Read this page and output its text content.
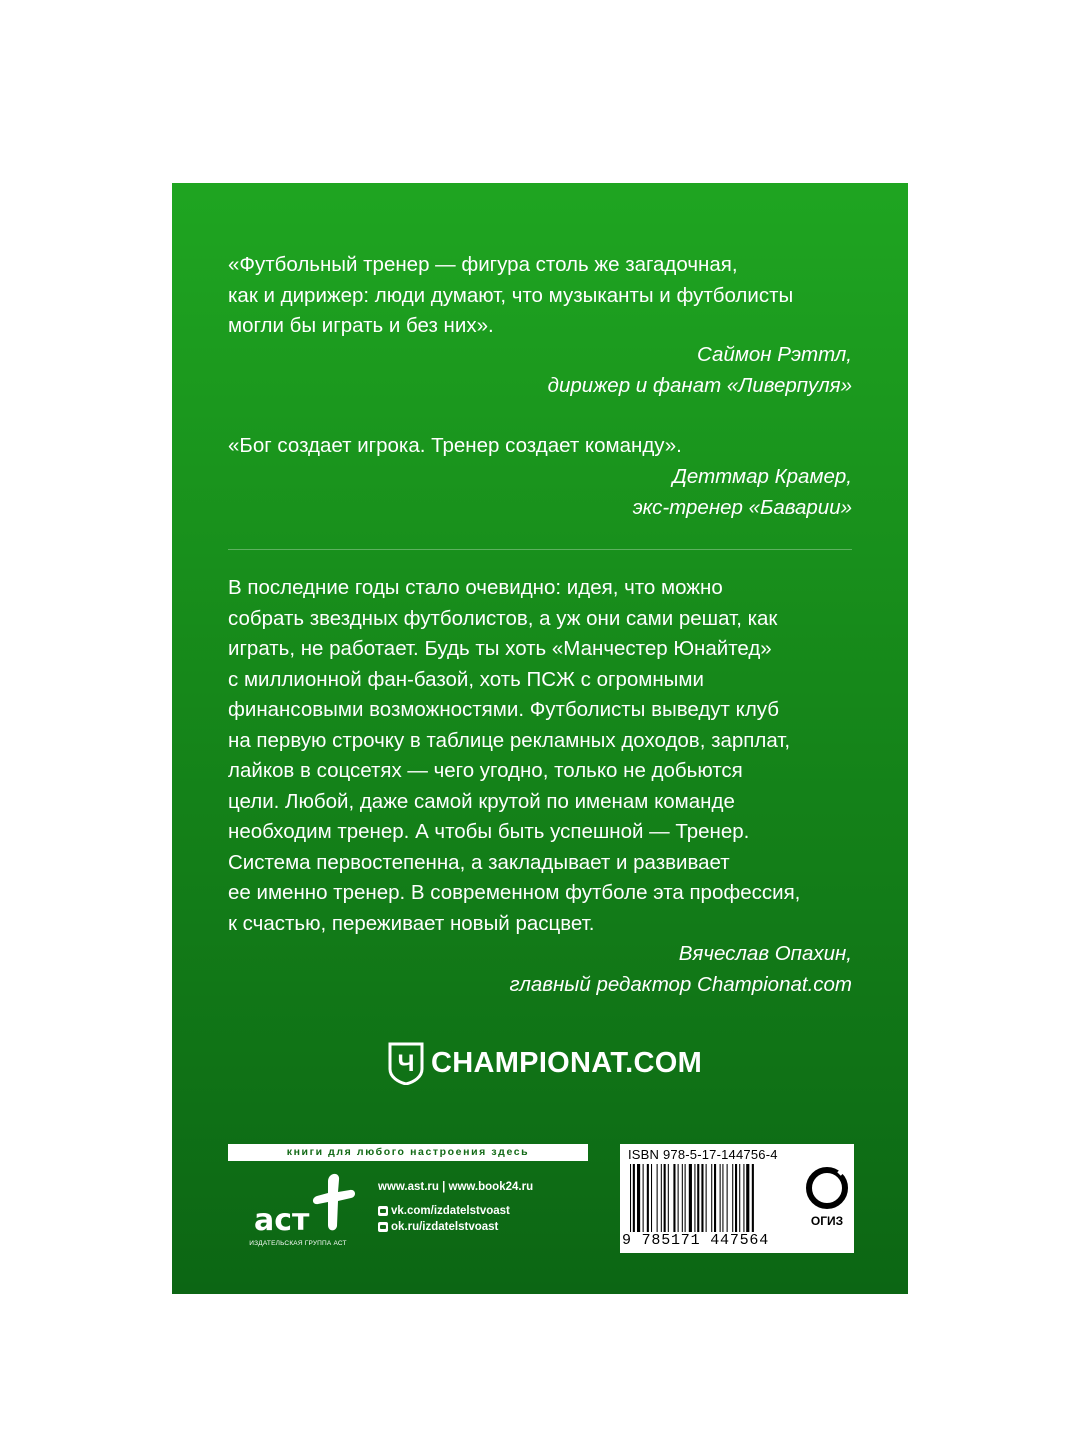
«Футбольный тренер — фигура столь же загадочная,
как и дирижер: люди думают, что музыканты и футболисты
могли бы играть и без них».
Саймон Рэттл,
дирижер и фанат «Ливерпуля»
«Бог создает игрока. Тренер создает команду».
Деттмар Крамер,
экс-тренер «Баварии»
В последние годы стало очевидно: идея, что можно
собрать звездных футболистов, а уж они сами решат, как
играть, не работает. Будь ты хоть «Манчестер Юнайтед»
с миллионной фан-базой, хоть ПСЖ с огромными
финансовыми возможностями. Футболисты выведут клуб
на первую строчку в таблице рекламных доходов, зарплат,
лайков в соцсетях — чего угодно, только не добьются
цели. Любой, даже самой крутой по именам команде
необходим тренер. А чтобы быть успешной — Тренер.
Система первостепенна, а закладывает и развивает
ее именно тренер. В современном футболе эта профессия,
к счастью, переживает новый расцвет.
Вячеслав Опахин,
главный редактор Championat.com
Ч CHAMPIONAT.COM
книги для любого настроения здесь
аст
ИЗДАТЕЛЬСКАЯ ГРУППА АСТ
www.ast.ru | www.book24.ru
vk.com/izdatelstvoast
ok.ru/izdatelstvoast
ISBN 978-5-17-144756-4
9 785171 447564
ОГИЗ
